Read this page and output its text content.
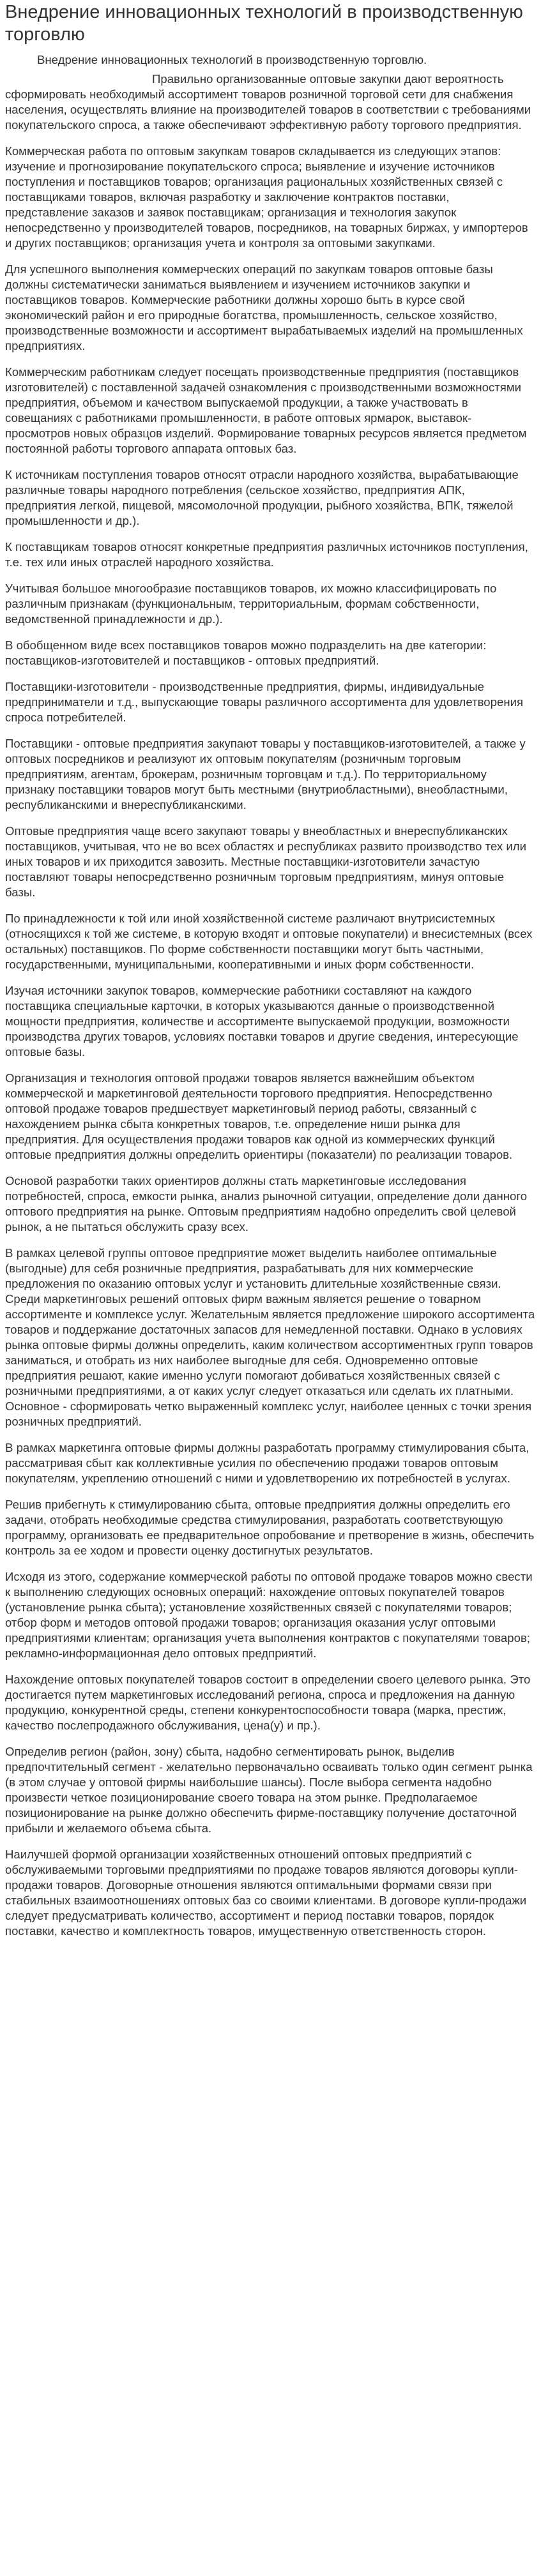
Внедрение инновационных технологий в производственную торговлю

Внедрение инновационных технологий в производственную торговлю.

Правильно организованные оптовые закупки дают вероятность сформировать необходимый ассортимент товаров розничной торговой сети для снабжения населения, осуществлять влияние на производителей товаров в соответствии с требованиями покупательского спроса, а также обеспечивают эффективную работу торгового предприятия.

Коммерческая работа по оптовым закупкам товаров складывается из следующих этапов: изучение и прогнозирование покупательского спроса; выявление и изучение источников поступления и поставщиков товаров; организация рациональных хозяйственных связей с поставщиками товаров, включая разработку и заключение контрактов поставки, представление заказов и заявок поставщикам; организация и технология закупок непосредственно у производителей товаров, посредников, на товарных биржах, у импортеров и других поставщиков; организация учета и контроля за оптовыми закупками.

Для успешного выполнения коммерческих операций по закупкам товаров оптовые базы должны систематически заниматься выявлением и изучением источников закупки и поставщиков товаров. Коммерческие работники должны хорошо быть в курсе свой экономический район и его природные богатства, промышленность, сельское хозяйство, производственные возможности и ассортимент вырабатываемых изделий на промышленных предприятиях.

Коммерческим работникам следует посещать производственные предприятия (поставщиков изготовителей) с поставленной задачей ознакомления с производственными возможностями предприятия, объемом и качеством выпускаемой продукции, а также участвовать в совещаниях с работниками промышленности, в работе оптовых ярмарок, выставок-просмотров новых образцов изделий. Формирование товарных ресурсов является предметом постоянной работы торгового аппарата оптовых баз.

К источникам поступления товаров относят отрасли народного хозяйства, вырабатывающие различные товары народного потребления (сельское хозяйство, предприятия АПК, предприятия легкой, пищевой, мясомолочной продукции, рыбного хозяйства, ВПК, тяжелой промышленности и др.).

К поставщикам товаров относят конкретные предприятия различных источников поступления, т.е. тех или иных отраслей народного хозяйства.

Учитывая большое многообразие поставщиков товаров, их можно классифицировать по различным признакам (функциональным, территориальным, формам собственности, ведомственной принадлежности и др.).

В обобщенном виде всех поставщиков товаров можно подразделить на две категории: поставщиков-изготовителей и поставщиков - оптовых предприятий.

Поставщики-изготовители - производственные предприятия, фирмы, индивидуальные предприниматели и т.д., выпускающие товары различного ассортимента для удовлетворения спроса потребителей.

Поставщики - оптовые предприятия закупают товары у поставщиков-изготовителей, а также у оптовых посредников и реализуют их оптовым покупателям (розничным торговым предприятиям, агентам, брокерам, розничным торговцам и т.д.). По территориальному признаку поставщики товаров могут быть местными (внутриобластными), внеобластными, республиканскими и внереспубликанскими.

Оптовые предприятия чаще всего закупают товары у внеобластных и внереспубликанских поставщиков, учитывая, что не во всех областях и республиках развито производство тех или иных товаров и их приходится завозить. Местные поставщики-изготовители зачастую поставляют товары непосредственно розничным торговым предприятиям, минуя оптовые базы.

По принадлежности к той или иной хозяйственной системе различают внутрисистемных (относящихся к той же системе, в которую входят и оптовые покупатели) и внесистемных (всех остальных) поставщиков. По форме собственности поставщики могут быть частными, государственными, муниципальными, кооперативными и иных форм собственности.

Изучая источники закупок товаров, коммерческие работники составляют на каждого поставщика специальные карточки, в которых указываются данные о производственной мощности предприятия, количестве и ассортименте выпускаемой продукции, возможности производства других товаров, условиях поставки товаров и другие сведения, интересующие оптовые базы.

Организация и технология оптовой продажи товаров является важнейшим объектом коммерческой и маркетинговой деятельности торгового предприятия. Непосредственно оптовой продаже товаров предшествует маркетинговый период работы, связанный с нахождением рынка сбыта конкретных товаров, т.е. определение ниши рынка для предприятия. Для осуществления продажи товаров как одной из коммерческих функций оптовые предприятия должны определить ориентиры (показатели) по реализации товаров.

Основой разработки таких ориентиров должны стать маркетинговые исследования потребностей, спроса, емкости рынка, анализ рыночной ситуации, определение доли данного оптового предприятия на рынке. Оптовым предприятиям надобно определить свой целевой рынок, а не пытаться обслужить сразу всех.

В рамках целевой группы оптовое предприятие может выделить наиболее оптимальные (выгодные) для себя розничные предприятия, разрабатывать для них коммерческие предложения по оказанию оптовых услуг и установить длительные хозяйственные связи. Среди маркетинговых решений оптовых фирм важным является решение о товарном ассортименте и комплексе услуг. Желательным является предложение широкого ассортимента товаров и поддержание достаточных запасов для немедленной поставки. Однако в условиях рынка оптовые фирмы должны определить, каким количеством ассортиментных групп товаров заниматься, и отобрать из них наиболее выгодные для себя. Одновременно оптовые предприятия решают, какие именно услуги помогают добиваться хозяйственных связей с розничными предприятиями, а от каких услуг следует отказаться или сделать их платными. Основное - сформировать четко выраженный комплекс услуг, наиболее ценных с точки зрения розничных предприятий.

В рамках маркетинга оптовые фирмы должны разработать программу стимулирования сбыта, рассматривая сбыт как коллективные усилия по обеспечению продажи товаров оптовым покупателям, укреплению отношений с ними и удовлетворению их потребностей в услугах.

Решив прибегнуть к стимулированию сбыта, оптовые предприятия должны определить его задачи, отобрать необходимые средства стимулирования, разработать соответствующую программу, организовать ее предварительное опробование и претворение в жизнь, обеспечить контроль за ее ходом и провести оценку достигнутых результатов.

Исходя из этого, содержание коммерческой работы по оптовой продаже товаров можно свести к выполнению следующих основных операций: нахождение оптовых покупателей товаров (установление рынка сбыта); установление хозяйственных связей с покупателями товаров; отбор форм и методов оптовой продажи товаров; организация оказания услуг оптовыми предприятиями клиентам; организация учета выполнения контрактов с покупателями товаров; рекламно-информационная дело оптовых предприятий.

Нахождение оптовых покупателей товаров состоит в определении своего целевого рынка. Это достигается путем маркетинговых исследований региона, спроса и предложения на данную продукцию, конкурентной среды, степени конкурентоспособности товара (марка, престиж, качество послепродажного обслуживания, цена(у) и пр.).

Определив регион (район, зону) сбыта, надобно сегментировать рынок, выделив предпочтительный сегмент - желательно первоначально осваивать только один сегмент рынка (в этом случае у оптовой фирмы наибольшие шансы). После выбора сегмента надобно произвести четкое позиционирование своего товара на этом рынке. Предполагаемое позиционирование на рынке должно обеспечить фирме-поставщику получение достаточной прибыли и желаемого объема сбыта.

Наилучшей формой организации хозяйственных отношений оптовых предприятий с обслуживаемыми торговыми предприятиями по продаже товаров являются договоры купли-продажи товаров. Договорные отношения являются оптимальными формами связи при стабильных взаимоотношениях оптовых баз со своими клиентами. В договоре купли-продажи следует предусматривать количество, ассортимент и период поставки товаров, порядок поставки, качество и комплектность товаров, имущественную ответственность сторон.
